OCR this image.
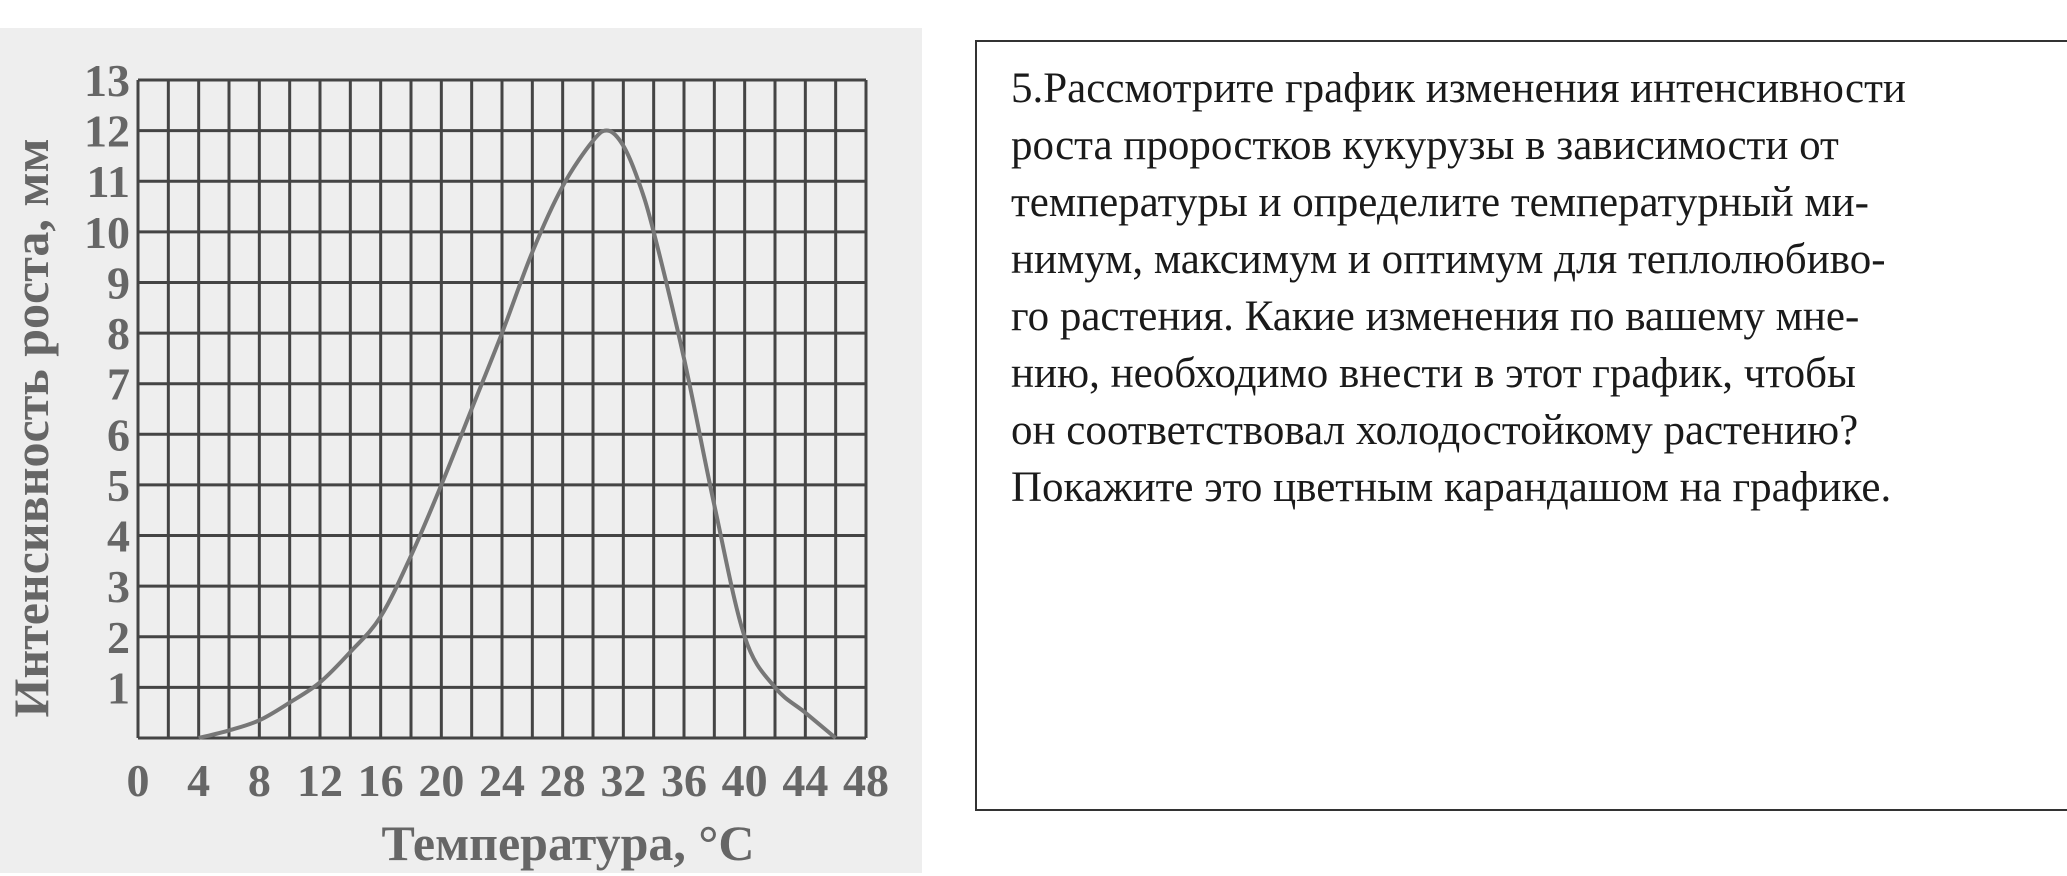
1
2
3
4
5
6
7
8
9
10
11
12
13
0 4 8 12 16 20 24 28 32 36 40 44 48
Интенсивность роста, мм
Температура, °С
5.Рассмотрите график изменения интенсивности
роста проростков кукурузы в зависимости от
температуры и определите температурный ми-
нимум, максимум и оптимум для теплолюбиво-
го растения. Какие изменения по вашему мне-
нию, необходимо внести в этот график, чтобы
он соответствовал холодостойкому растению?
Покажите это цветным карандашом на графике.
